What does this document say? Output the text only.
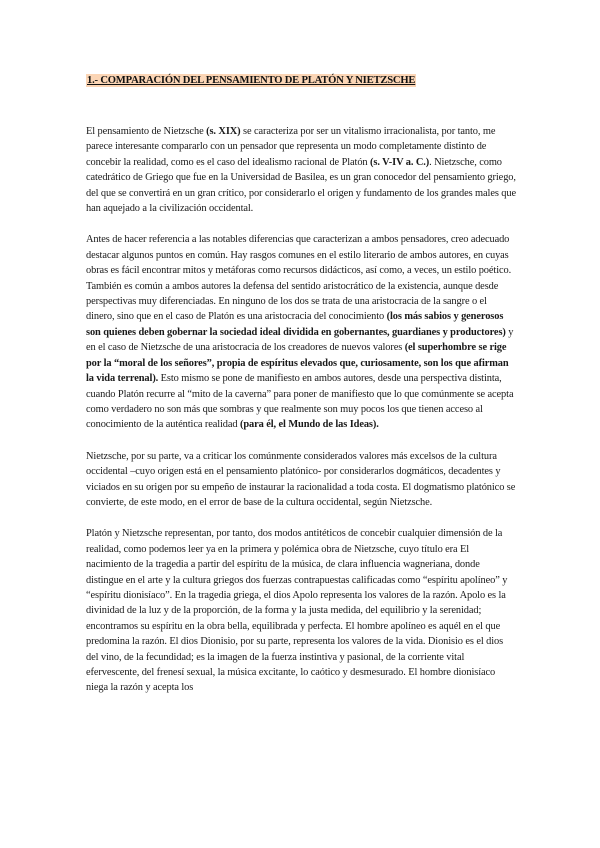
1.- COMPARACIÓN DEL PENSAMIENTO DE PLATÓN Y NIETZSCHE

El pensamiento de Nietzsche (s. XIX) se caracteriza por ser un vitalismo irracionalista, por tanto, me parece interesante compararlo con un pensador que representa un modo completamente distinto de concebir la realidad, como es el caso del idealismo racional de Platón (s. V-IV a. C.). Nietzsche, como catedrático de Griego que fue en la Universidad de Basilea, es un gran conocedor del pensamiento griego, del que se convertirá en un gran crítico, por considerarlo el origen y fundamento de los grandes males que han aquejado a la civilización occidental.

Antes de hacer referencia a las notables diferencias que caracterizan a ambos pensadores, creo adecuado destacar algunos puntos en común. Hay rasgos comunes en el estilo literario de ambos autores, en cuyas obras es fácil encontrar mitos y metáforas como recursos didácticos, así como, a veces, un estilo poético. También es común a ambos autores la defensa del sentido aristocrático de la existencia, aunque desde perspectivas muy diferenciadas. En ninguno de los dos se trata de una aristocracia de la sangre o el dinero, sino que en el caso de Platón es una aristocracia del conocimiento (los más sabios y generosos son quienes deben gobernar la sociedad ideal dividida en gobernantes, guardianes y productores) y en el caso de Nietzsche de una aristocracia de los creadores de nuevos valores (el superhombre se rige por la “moral de los señores”, propia de espíritus elevados que, curiosamente, son los que afirman la vida terrenal). Esto mismo se pone de manifiesto en ambos autores, desde una perspectiva distinta, cuando Platón recurre al “mito de la caverna” para poner de manifiesto que lo que comúnmente se acepta como verdadero no son más que sombras y que realmente son muy pocos los que tienen acceso al conocimiento de la auténtica realidad (para él, el Mundo de las Ideas).

Nietzsche, por su parte, va a criticar los comúnmente considerados valores más excelsos de la cultura occidental –cuyo origen está en el pensamiento platónico- por considerarlos dogmáticos, decadentes y viciados en su origen por su empeño de instaurar la racionalidad a toda costa. El dogmatismo platónico se convierte, de este modo, en el error de base de la cultura occidental, según Nietzsche.

Platón y Nietzsche representan, por tanto, dos modos antitéticos de concebir cualquier dimensión de la realidad, como podemos leer ya en la primera y polémica obra de Nietzsche, cuyo título era El nacimiento de la tragedia a partir del espíritu de la música, de clara influencia wagneriana, donde distingue en el arte y la cultura griegos dos fuerzas contrapuestas calificadas como “espíritu apolíneo” y “espíritu dionisíaco”. En la tragedia griega, el dios Apolo representa los valores de la razón. Apolo es la divinidad de la luz y de la proporción, de la forma y la justa medida, del equilibrio y la serenidad; encontramos su espíritu en la obra bella, equilibrada y perfecta. El hombre apolíneo es aquél en el que predomina la razón. El dios Dionisio, por su parte, representa los valores de la vida. Dionisio es el dios del vino, de la fecundidad; es la imagen de la fuerza instintiva y pasional, de la corriente vital efervescente, del frenesí sexual, la música excitante, lo caótico y desmesurado. El hombre dionisíaco niega la razón y acepta los
